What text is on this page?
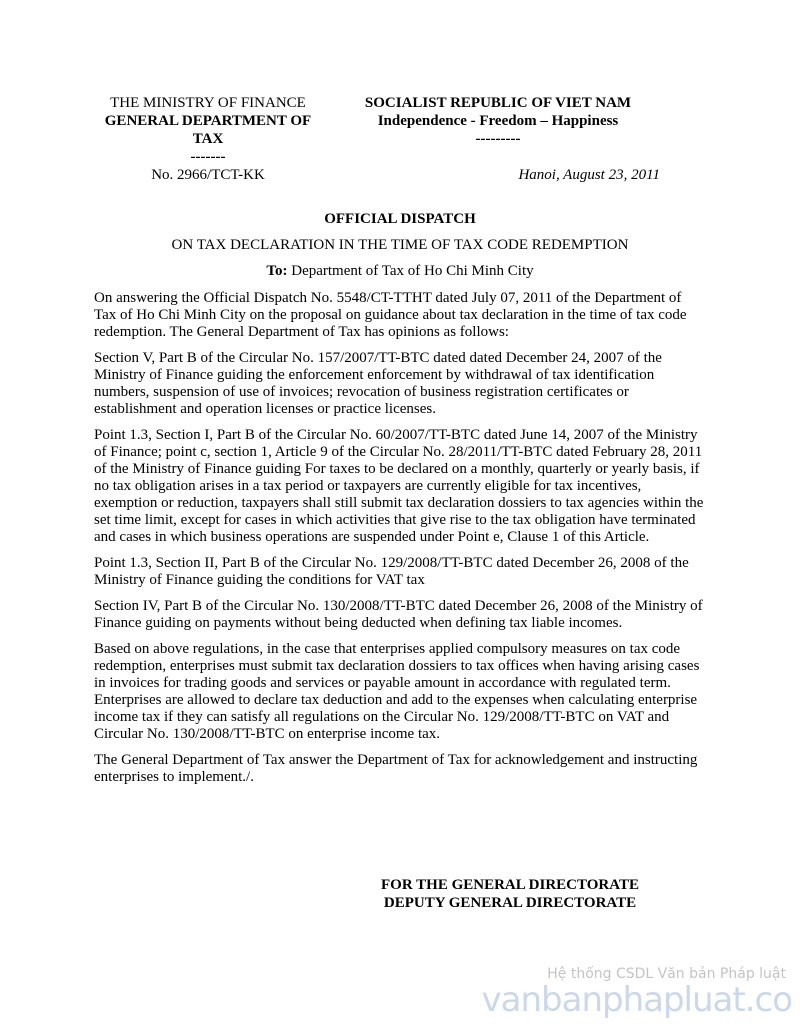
THE MINISTRY OF FINANCE
GENERAL DEPARTMENT OF
TAX
-------
SOCIALIST REPUBLIC OF VIET NAM
Independence - Freedom – Happiness
---------
No. 2966/TCT-KK	Hanoi, August 23, 2011
OFFICIAL DISPATCH
ON TAX DECLARATION IN THE TIME OF TAX CODE REDEMPTION
To: Department of Tax of Ho Chi Minh City

On answering the Official Dispatch No. 5548/CT-TTHT dated July 07, 2011 of the Department of Tax of Ho Chi Minh City on the proposal on guidance about tax declaration in the time of tax code redemption. The General Department of Tax has opinions as follows:

Section V, Part B of the Circular No. 157/2007/TT-BTC dated dated December 24, 2007 of the Ministry of Finance guiding the enforcement enforcement by withdrawal of tax identification numbers, suspension of use of invoices; revocation of business registration certificates or establishment and operation licenses or practice licenses.

Point 1.3, Section I, Part B of the Circular No. 60/2007/TT-BTC dated June 14, 2007 of the Ministry of Finance; point c, section 1, Article 9 of the Circular No. 28/2011/TT-BTC dated February 28, 2011 of the Ministry of Finance guiding For taxes to be declared on a monthly, quarterly or yearly basis, if no tax obligation arises in a tax period or taxpayers are currently eligible for tax incentives, exemption or reduction, taxpayers shall still submit tax declaration dossiers to tax agencies within the set time limit, except for cases in which activities that give rise to the tax obligation have terminated and cases in which business operations are suspended under Point e, Clause 1 of this Article.

Point 1.3, Section II, Part B of the Circular No. 129/2008/TT-BTC dated December 26, 2008 of the Ministry of Finance guiding the conditions for VAT tax

Section IV, Part B of the Circular No. 130/2008/TT-BTC dated December 26, 2008 of the Ministry of Finance guiding on payments without being deducted when defining tax liable incomes.

Based on above regulations, in the case that enterprises applied compulsory measures on tax code redemption, enterprises must submit tax declaration dossiers to tax offices when having arising cases in invoices for trading goods and services or payable amount in accordance with regulated term. Enterprises are allowed to declare tax deduction and add to the expenses when calculating enterprise income tax if they can satisfy all regulations on the Circular No. 129/2008/TT-BTC on VAT and Circular No. 130/2008/TT-BTC on enterprise income tax.

The General Department of Tax answer the Department of Tax for acknowledgement and instructing enterprises to implement./.

FOR THE GENERAL DIRECTORATE
DEPUTY GENERAL DIRECTORATE
Hệ thống CSDL Văn bản Pháp luật
vanbanphapluat.co
